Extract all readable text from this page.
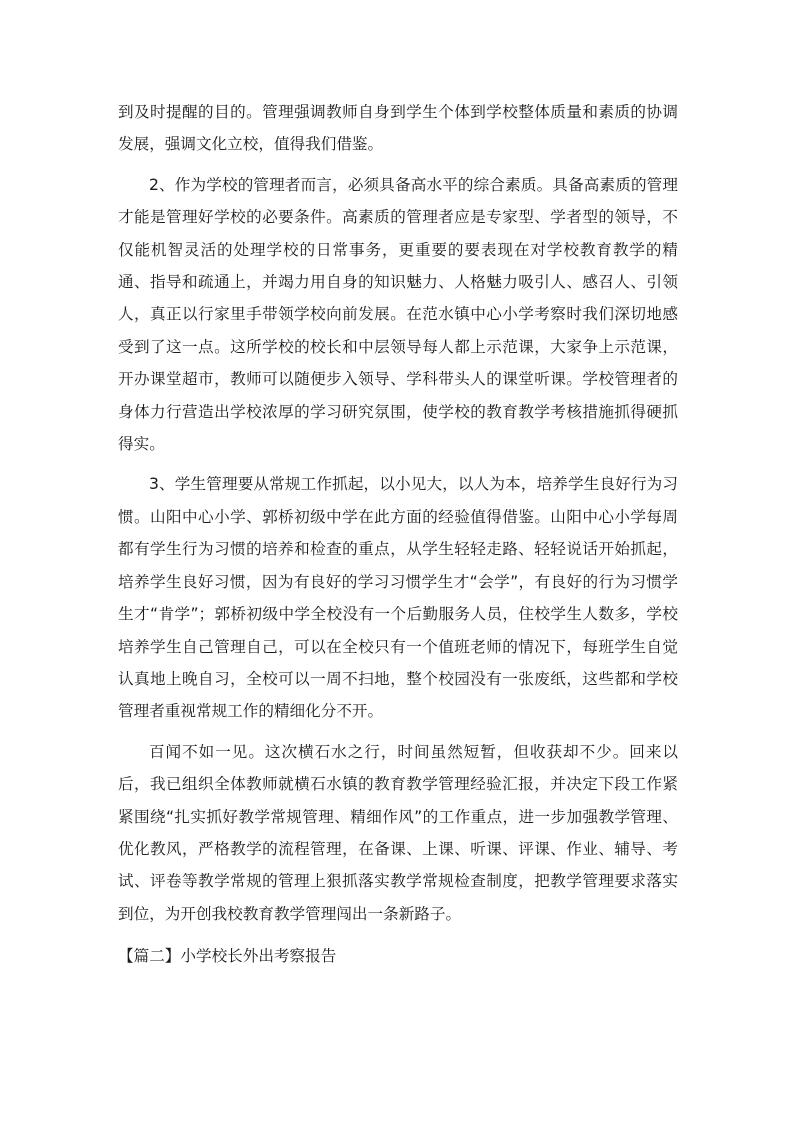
到及时提醒的目的。管理强调教师自身到学生个体到学校整体质量和素质的协调发展，强调文化立校，值得我们借鉴。

2、作为学校的管理者而言，必须具备高水平的综合素质。具备高素质的管理才能是管理好学校的必要条件。高素质的管理者应是专家型、学者型的领导，不仅能机智灵活的处理学校的日常事务，更重要的要表现在对学校教育教学的精通、指导和疏通上，并竭力用自身的知识魅力、人格魅力吸引人、感召人、引领人，真正以行家里手带领学校向前发展。在范水镇中心小学考察时我们深切地感受到了这一点。这所学校的校长和中层领导每人都上示范课，大家争上示范课，开办课堂超市，教师可以随便步入领导、学科带头人的课堂听课。学校管理者的身体力行营造出学校浓厚的学习研究氛围，使学校的教育教学考核措施抓得硬抓得实。

3、学生管理要从常规工作抓起，以小见大，以人为本，培养学生良好行为习惯。山阳中心小学、郭桥初级中学在此方面的经验值得借鉴。山阳中心小学每周都有学生行为习惯的培养和检查的重点，从学生轻轻走路、轻轻说话开始抓起，培养学生良好习惯，因为有良好的学习习惯学生才“会学”，有良好的行为习惯学生才“肯学”；郭桥初级中学全校没有一个后勤服务人员，住校学生人数多，学校培养学生自己管理自己，可以在全校只有一个值班老师的情况下，每班学生自觉认真地上晚自习，全校可以一周不扫地，整个校园没有一张废纸，这些都和学校管理者重视常规工作的精细化分不开。

百闻不如一见。这次横石水之行，时间虽然短暂，但收获却不少。回来以后，我已组织全体教师就横石水镇的教育教学管理经验汇报，并决定下段工作紧紧围绕“扎实抓好教学常规管理、精细作风”的工作重点，进一步加强教学管理、优化教风，严格教学的流程管理，在备课、上课、听课、评课、作业、辅导、考试、评卷等教学常规的管理上狠抓落实教学常规检查制度，把教学管理要求落实到位，为开创我校教育教学管理闯出一条新路子。

【篇二】小学校长外出考察报告
